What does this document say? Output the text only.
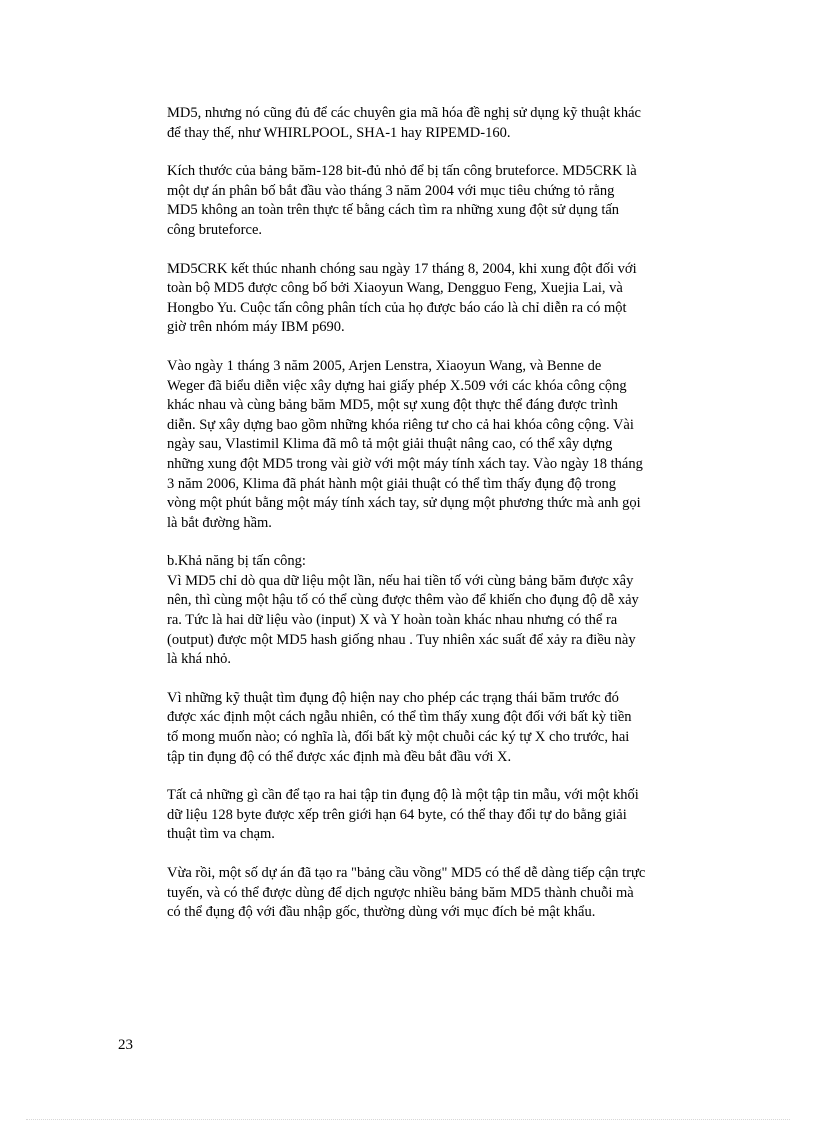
MD5, nhưng nó cũng đủ để các chuyên gia mã hóa đề nghị sử dụng kỹ thuật khác
để thay thế, như WHIRLPOOL, SHA-1 hay RIPEMD-160.

Kích thước của bảng băm-128 bit-đủ nhỏ để bị tấn công bruteforce. MD5CRK là
một dự án phân bố bắt đầu vào tháng 3 năm 2004 với mục tiêu chứng tỏ rằng
MD5 không an toàn trên thực tế bằng cách tìm ra những xung đột sử dụng tấn
công bruteforce.

MD5CRK kết thúc nhanh chóng sau ngày 17 tháng 8, 2004, khi xung đột đối với
toàn bộ MD5 được công bố bởi Xiaoyun Wang, Dengguo Feng, Xuejia Lai, và
Hongbo Yu. Cuộc tấn công phân tích của họ được báo cáo là chỉ diễn ra có một
giờ trên nhóm máy IBM p690.

Vào ngày 1 tháng 3 năm 2005, Arjen Lenstra, Xiaoyun Wang, và Benne de
Weger đã biểu diễn việc xây dựng hai giấy phép X.509 với các khóa công cộng
khác nhau và cùng bảng băm MD5, một sự xung đột thực thể đáng được trình
diễn. Sự xây dựng bao gồm những khóa riêng tư cho cả hai khóa công cộng. Vài
ngày sau, Vlastimil Klima đã mô tả một giải thuật nâng cao, có thể xây dựng
những xung đột MD5 trong vài giờ với một máy tính xách tay. Vào ngày 18 tháng
3 năm 2006, Klima đã phát hành một giải thuật có thể tìm thấy đụng độ trong
vòng một phút bằng một máy tính xách tay, sử dụng một phương thức mà anh gọi
là bắt đường hầm.

b.Khả năng bị tấn công:
Vì MD5 chỉ dò qua dữ liệu một lần, nếu hai tiền tố với cùng bảng băm được xây
nên, thì cùng một hậu tố có thể cùng được thêm vào để khiến cho đụng độ dễ xảy
ra. Tức là hai dữ liệu vào (input) X và Y hoàn toàn khác nhau nhưng có thể ra
(output) được một MD5 hash giống nhau . Tuy nhiên xác suất để xảy ra điều này
là khá nhỏ.

Vì những kỹ thuật tìm đụng độ hiện nay cho phép các trạng thái băm trước đó
được xác định một cách ngẫu nhiên, có thể tìm thấy xung đột đối với bất kỳ tiền
tố mong muốn nào; có nghĩa là, đối bất kỳ một chuỗi các ký tự X cho trước, hai
tập tin đụng độ có thể được xác định mà đều bắt đầu với X.

Tất cả những gì cần để tạo ra hai tập tin đụng độ là một tập tin mẫu, với một khối
dữ liệu 128 byte được xếp trên giới hạn 64 byte, có thể thay đổi tự do bằng giải
thuật tìm va chạm.

Vừa rồi, một số dự án đã tạo ra "bảng cầu vồng" MD5 có thể dễ dàng tiếp cận trực
tuyến, và có thể được dùng để dịch ngược nhiều bảng băm MD5 thành chuỗi mà
có thể đụng độ với đầu nhập gốc, thường dùng với mục đích bẻ mật khẩu.

23
